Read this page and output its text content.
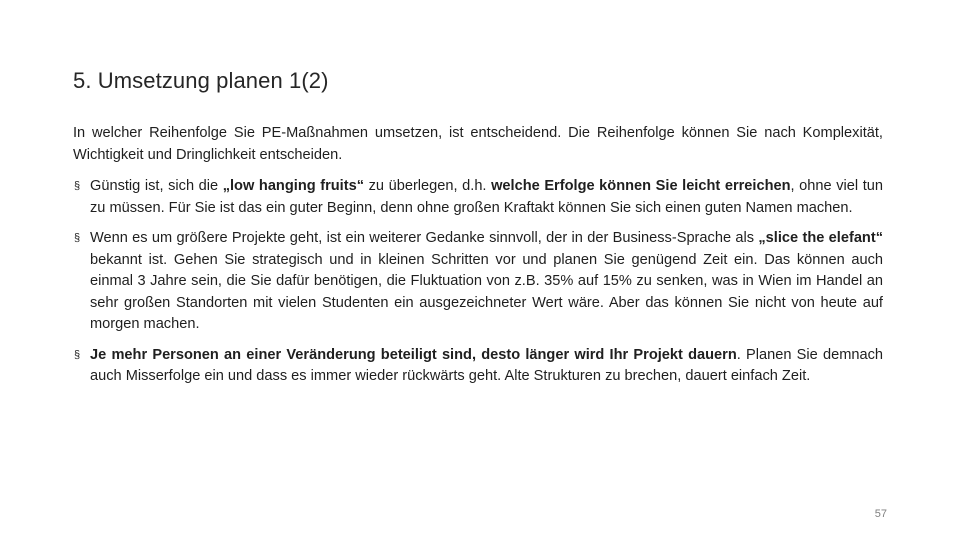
5. Umsetzung planen 1(2)

In welcher Reihenfolge Sie PE-Maßnahmen umsetzen, ist entscheidend. Die Reihenfolge können Sie nach Komplexität, Wichtigkeit und Dringlichkeit entscheiden.

§ Günstig ist, sich die „low hanging fruits“ zu überlegen, d.h. welche Erfolge können Sie leicht erreichen, ohne viel tun zu müssen. Für Sie ist das ein guter Beginn, denn ohne großen Kraftakt können Sie sich einen guten Namen machen.
§ Wenn es um größere Projekte geht, ist ein weiterer Gedanke sinnvoll, der in der Business-Sprache als „slice the elefant“ bekannt ist. Gehen Sie strategisch und in kleinen Schritten vor und planen Sie genügend Zeit ein. Das können auch einmal 3 Jahre sein, die Sie dafür benötigen, die Fluktuation von z.B. 35% auf 15% zu senken, was in Wien im Handel an sehr großen Standorten mit vielen Studenten ein ausgezeichneter Wert wäre. Aber das können Sie nicht von heute auf morgen machen.
§ Je mehr Personen an einer Veränderung beteiligt sind, desto länger wird Ihr Projekt dauern. Planen Sie demnach auch Misserfolge ein und dass es immer wieder rückwärts geht. Alte Strukturen zu brechen, dauert einfach Zeit.
57
